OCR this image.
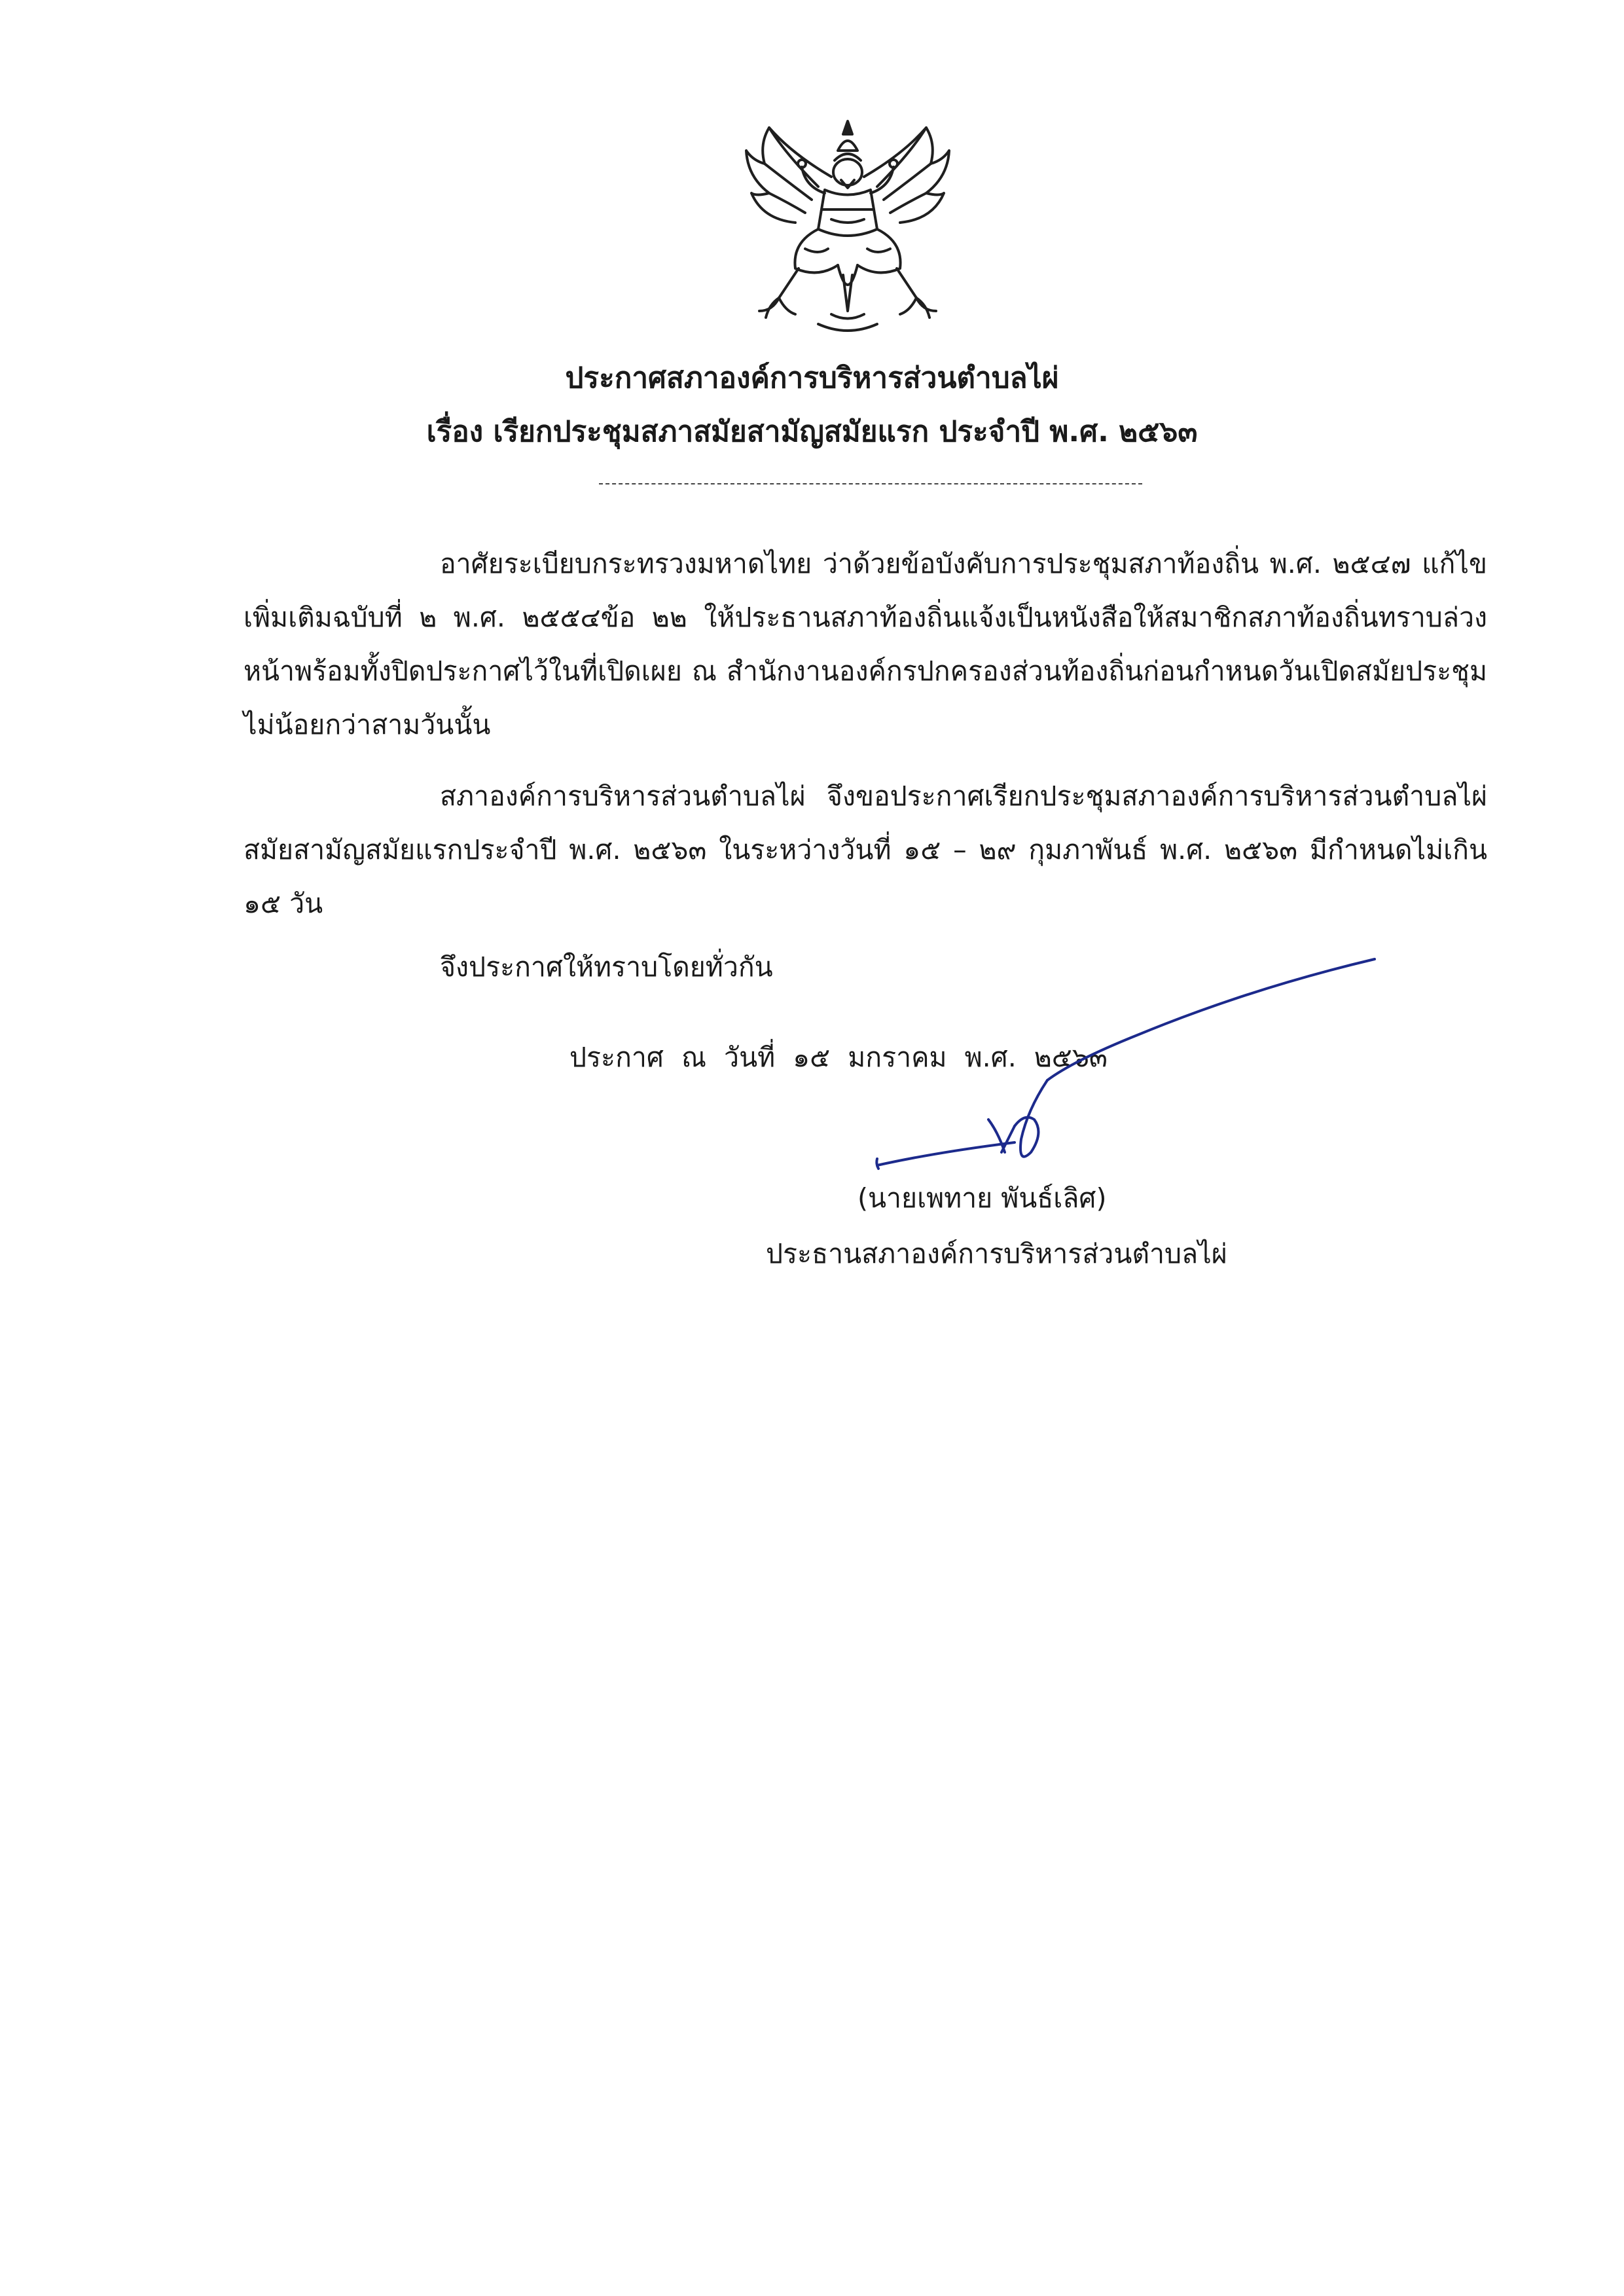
ประกาศสภาองค์การบริหารส่วนตำบลไผ่
เรื่อง เรียกประชุมสภาสมัยสามัญสมัยแรก ประจำปี พ.ศ. ๒๕๖๓
อาศัยระเบียบกระทรวงมหาดไทย ว่าด้วยข้อบังคับการประชุมสภาท้องถิ่น พ.ศ. ๒๕๔๗ แก้ไขเพิ่มเติมฉบับที่ ๒ พ.ศ. ๒๕๕๔ข้อ ๒๒ ให้ประธานสภาท้องถิ่นแจ้งเป็นหนังสือให้สมาชิกสภาท้องถิ่นทราบล่วงหน้าพร้อมทั้งปิดประกาศไว้ในที่เปิดเผย ณ สำนักงานองค์กรปกครองส่วนท้องถิ่นก่อนกำหนดวันเปิดสมัยประชุมไม่น้อยกว่าสามวันนั้น
สภาองค์การบริหารส่วนตำบลไผ่ จึงขอประกาศเรียกประชุมสภาองค์การบริหารส่วนตำบลไผ่ สมัยสามัญสมัยแรกประจำปี พ.ศ. ๒๕๖๓ ในระหว่างวันที่ ๑๕ – ๒๙ กุมภาพันธ์ พ.ศ. ๒๕๖๓ มีกำหนดไม่เกิน ๑๕ วัน
จึงประกาศให้ทราบโดยทั่วกัน
ประกาศ ณ วันที่ ๑๕ มกราคม พ.ศ. ๒๕๖๓
(นายเพทาย พันธ์เลิศ)
ประธานสภาองค์การบริหารส่วนตำบลไผ่
